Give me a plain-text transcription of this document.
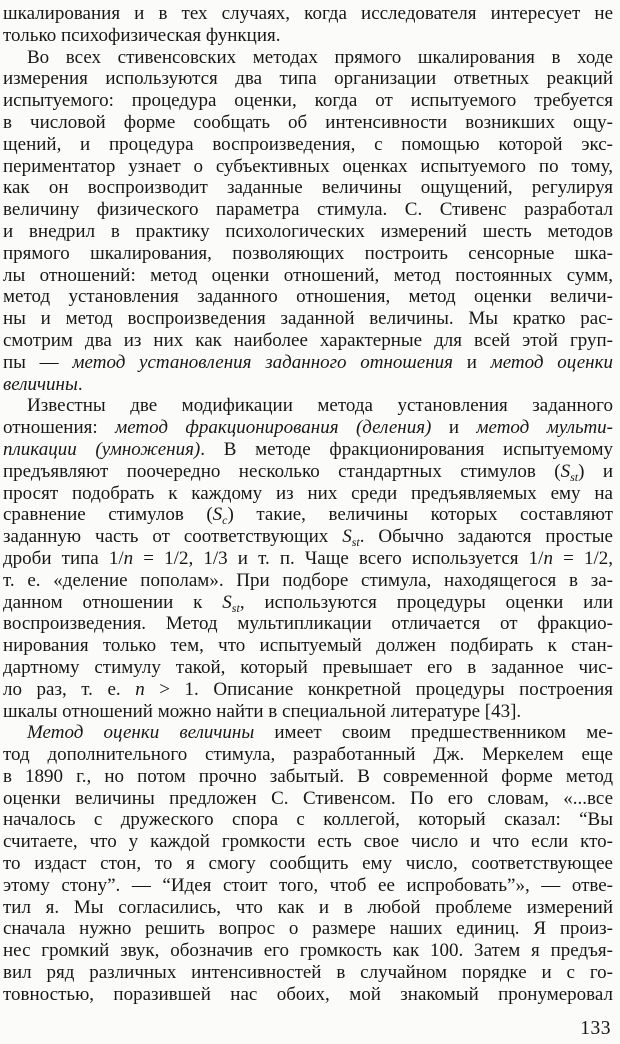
шкалирования и в тех случаях, когда исследователя интересует не
только психофизическая функция.
Во всех стивенсовских методах прямого шкалирования в ходе
измерения используются два типа организации ответных реакций
испытуемого: процедура оценки, когда от испытуемого требуется
в числовой форме сообщать об интенсивности возникших ощу-
щений, и процедура воспроизведения, с помощью которой экс-
периментатор узнает о субъективных оценках испытуемого по тому,
как он воспроизводит заданные величины ощущений, регулируя
величину физического параметра стимула. С. Стивенс разработал
и внедрил в практику психологических измерений шесть методов
прямого шкалирования, позволяющих построить сенсорные шка-
лы отношений: метод оценки отношений, метод постоянных сумм,
метод установления заданного отношения, метод оценки величи-
ны и метод воспроизведения заданной величины. Мы кратко рас-
смотрим два из них как наиболее характерные для всей этой груп-
пы — метод установления заданного отношения и метод оценки
величины.
Известны две модификации метода установления заданного
отношения: метод фракционирования (деления) и метод мульти-
пликации (умножения). В методе фракционирования испытуемому
предъявляют поочередно несколько стандартных стимулов $(S_{st})$ и
просят подобрать к каждому из них среди предъявляемых ему на
сравнение стимулов $(S_c)$ такие, величины которых составляют
заданную часть от соответствующих $S_{st}$. Обычно задаются простые
дроби типа 1/n = 1/2, 1/3 и т. п. Чаще всего используется 1/n = 1/2,
т. е. «деление пополам». При подборе стимула, находящегося в за-
данном отношении к $S_{st}$, используются процедуры оценки или
воспроизведения. Метод мультипликации отличается от фракцио-
нирования только тем, что испытуемый должен подбирать к стан-
дартному стимулу такой, который превышает его в заданное чис-
ло раз, т. е. n > 1. Описание конкретной процедуры построения
шкалы отношений можно найти в специальной литературе [43].
Метод оценки величины имеет своим предшественником ме-
тод дополнительного стимула, разработанный Дж. Меркелем еще
в 1890 г., но потом прочно забытый. В современной форме метод
оценки величины предложен С. Стивенсом. По его словам, «...все
началось с дружеского спора с коллегой, который сказал: “Вы
считаете, что у каждой громкости есть свое число и что если кто-
то издаст стон, то я смогу сообщить ему число, соответствующее
этому стону”. — “Идея стоит того, чтоб ее испробовать”», — отве-
тил я. Мы согласились, что как и в любой проблеме измерений
сначала нужно решить вопрос о размере наших единиц. Я произ-
нес громкий звук, обозначив его громкость как 100. Затем я предъя-
вил ряд различных интенсивностей в случайном порядке и с го-
товностью, поразившей нас обоих, мой знакомый пронумеровал
133
